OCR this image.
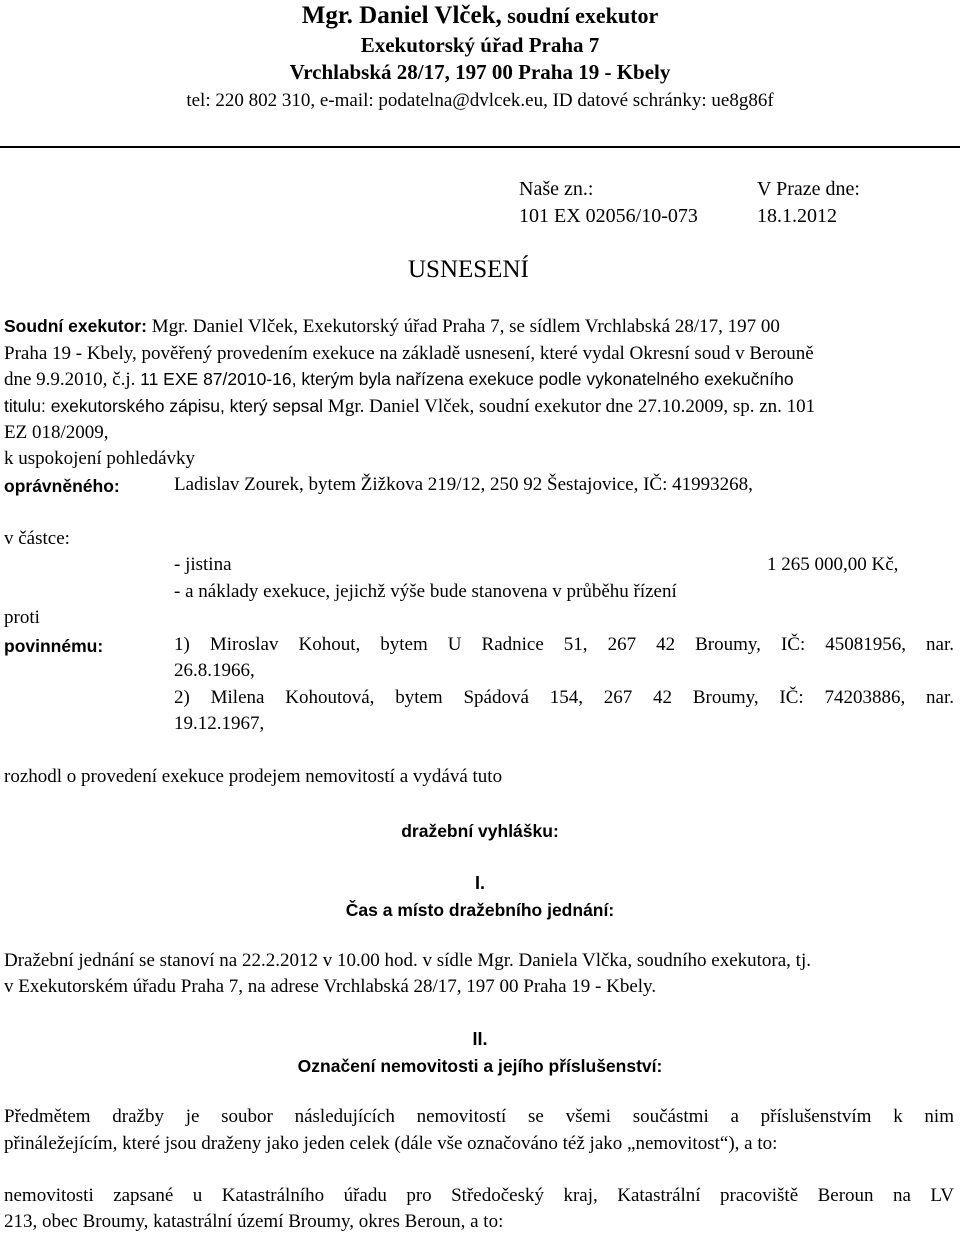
Mgr. Daniel Vlček, soudní exekutor
Exekutorský úřad Praha 7
Vrchlabská 28/17, 197 00 Praha 19 - Kbely
tel: 220 802 310, e-mail: podatelna@dvlcek.eu, ID datové schránky: ue8g86f
Naše zn.:
101 EX 02056/10-073
V Praze dne:
18.1.2012
USNESENÍ
Soudní exekutor: Mgr. Daniel Vlček, Exekutorský úřad Praha 7, se sídlem Vrchlabská 28/17, 197 00
Praha 19 - Kbely, pověřený provedením exekuce na základě usnesení, které vydal Okresní soud v Berouně
dne 9.9.2010, č.j. 11 EXE 87/2010-16, kterým byla nařízena exekuce podle vykonatelného exekučního
titulu: exekutorského zápisu, který sepsal Mgr. Daniel Vlček, soudní exekutor dne 27.10.2009, sp. zn. 101
EZ 018/2009,
k uspokojení pohledávky
oprávněného:	Ladislav Zourek, bytem Žižkova 219/12, 250 92 Šestajovice, IČ: 41993268,
v částce:
- jistina	1 265 000,00 Kč,
- a náklady exekuce, jejichž výše bude stanovena v průběhu řízení
proti
povinnému:	1) Miroslav Kohout, bytem U Radnice 51, 267 42 Broumy, IČ: 45081956, nar.
26.8.1966,
2) Milena Kohoutová, bytem Spádová 154, 267 42 Broumy, IČ: 74203886, nar.
19.12.1967,
rozhodl o provedení exekuce prodejem nemovitostí a vydává tuto
dražební vyhlášku:
I.
Čas a místo dražebního jednání:
Dražební jednání se stanoví na 22.2.2012 v 10.00 hod. v sídle Mgr. Daniela Vlčka, soudního exekutora, tj.
v Exekutorském úřadu Praha 7, na adrese Vrchlabská 28/17, 197 00 Praha 19 - Kbely.
II.
Označení nemovitosti a jejího příslušenství:
Předmětem dražby je soubor následujících nemovitostí se všemi součástmi a příslušenstvím k nim
přináležejícím, které jsou draženy jako jeden celek (dále vše označováno též jako „nemovitost“), a to:
nemovitosti zapsané u Katastrálního úřadu pro Středočeský kraj, Katastrální pracoviště Beroun na LV
213, obec Broumy, katastrální území Broumy, okres Beroun, a to:
